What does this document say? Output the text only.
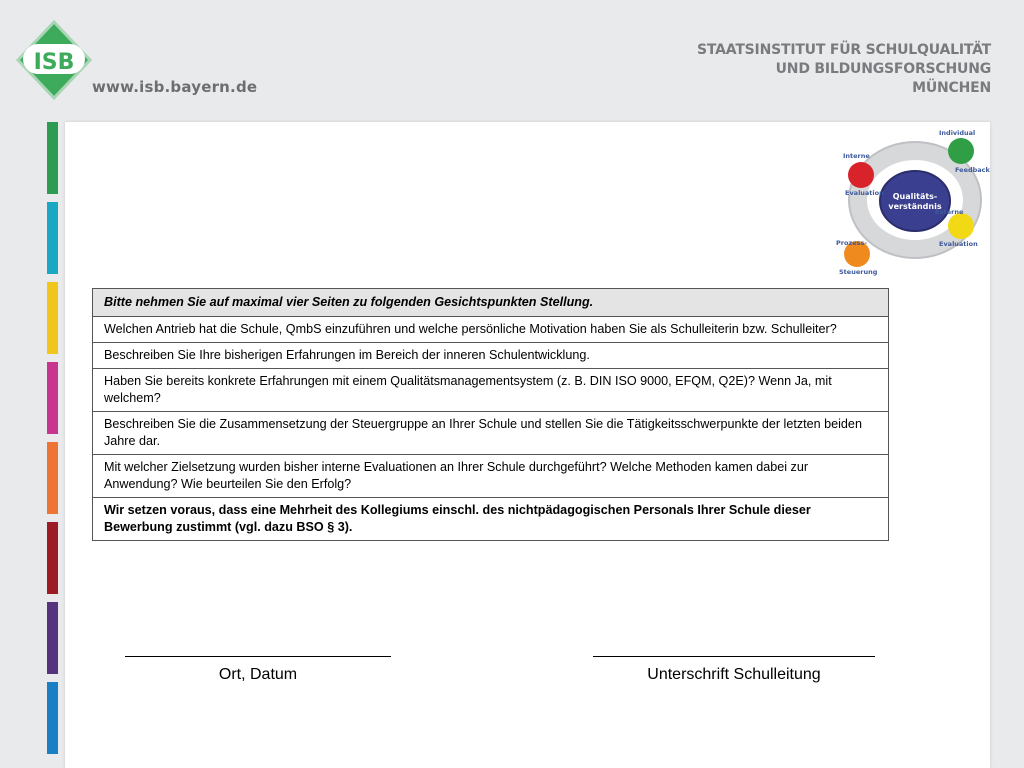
ISB
www.isb.bayern.de
STAATSINSTITUT FÜR SCHULQUALITÄT
UND BILDUNGSFORSCHUNG
MÜNCHEN
Qualitäts-verständnis
Interne Evaluation Individual Feedback Externe Evaluation Prozess-Steuerung
Bitte nehmen Sie auf maximal vier Seiten zu folgenden Gesichtspunkten Stellung.
Welchen Antrieb hat die Schule, QmbS einzuführen und welche persönliche Motivation haben Sie als Schulleiterin bzw. Schulleiter?
Beschreiben Sie Ihre bisherigen Erfahrungen im Bereich der inneren Schulentwicklung.
Haben Sie bereits konkrete Erfahrungen mit einem Qualitätsmanagementsystem (z. B. DIN ISO 9000, EFQM, Q2E)? Wenn Ja, mit welchem?
Beschreiben Sie die Zusammensetzung der Steuergruppe an Ihrer Schule und stellen Sie die Tätigkeitsschwerpunkte der letzten beiden Jahre dar.
Mit welcher Zielsetzung wurden bisher interne Evaluationen an Ihrer Schule durchgeführt? Welche Methoden kamen dabei zur Anwendung? Wie beurteilen Sie den Erfolg?
Wir setzen voraus, dass eine Mehrheit des Kollegiums einschl. des nichtpädagogischen Personals Ihrer Schule dieser Bewerbung zustimmt (vgl. dazu BSO § 3).
Ort, Datum	Unterschrift Schulleitung
